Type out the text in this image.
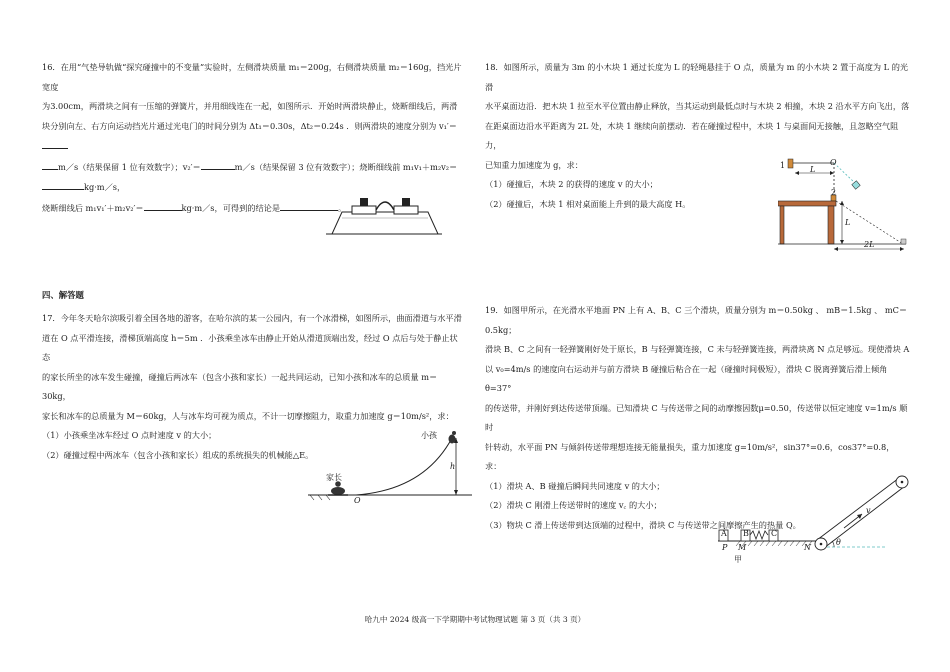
16．在用“气垫导轨做“探究碰撞中的不变量”实验时，左侧滑块质量 m₁＝200g，右侧滑块质量 m₂＝160g，挡光片宽度

为3.00cm，两滑块之间有一压缩的弹簧片，并用细线连在一起，如图所示．开始时两滑块静止，烧断细线后，两滑

块分别向左、右方向运动挡光片通过光电门的时间分别为 Δt₁＝0.30s，Δt₂＝0.24s ．则两滑块的速度分别为 v₁′＝

m／s（结果保留 1 位有效数字）；v₂′＝	m／s（结果保留 3 位有效数字）；烧断细线前 m₁v₁＋m₂v₂＝kg·m／s，

烧断细线后 m₁v₁′＋m₂v₂′＝	kg·m／s，可得到的结论是	。

四、解答题

17．今年冬天哈尔滨吸引着全国各地的游客，在哈尔滨的某一公园内，有一个冰滑梯，如图所示，曲面滑道与水平滑

道在 O 点平滑连接，滑梯顶端高度 h＝5m ．小孩乘坐冰车由静止开始从滑道顶端出发，经过 O 点后与处于静止状态

的家长所坐的冰车发生碰撞，碰撞后两冰车（包含小孩和家长）一起共同运动，已知小孩和冰车的总质量 m＝30kg，

家长和冰车的总质量为 M＝60kg，人与冰车均可视为质点，不计一切摩擦阻力，取重力加速度 g＝10m/s²，求：

（1）小孩乘坐冰车经过 O 点时速度 v 的大小；

（2）碰撞过程中两冰车（包含小孩和家长）组成的系统损失的机械能△E。

小孩
家长
h
O

18．如图所示，质量为 3m 的小木块 1 通过长度为 L 的轻绳悬挂于 O 点，质量为 m 的小木块 2 置于高度为 L 的光滑

水平桌面边沿．把木块 1 拉至水平位置由静止释放，当其运动到最低点时与木块 2 相撞，木块 2 沿水平方向飞出，落

在距桌面边沿水平距离为 2L 处，木块 1 继续向前摆动．若在碰撞过程中，木块 1 与桌面间无接触，且忽略空气阻力，

已知重力加速度为 g，求：

（1）碰撞后，木块 2 的获得的速度 v 的大小；

（2）碰撞后，木块 1 相对桌面能上升到的最大高度 H。

1	O
L
2
L
2L

19．如图甲所示，在光滑水平地面 PN 上有 A、B、C 三个滑块，质量分别为 m＝0.50kg 、 mB＝1.5kg 、 mC＝0.5kg；

滑块 B、C 之间有一轻弹簧刚好处于原长，B 与轻弹簧连接，C 未与轻弹簧连接，两滑块离 N 点足够远。现使滑块 A

以 v₀=4m/s 的速度向右运动并与前方滑块 B 碰撞后粘合在一起（碰撞时间极短），滑块 C 脱离弹簧后滑上倾角θ=37°

的传送带，并刚好到达传送带顶端。已知滑块 C 与传送带之间的动摩擦因数μ=0.50，传送带以恒定速度 v=1m/s 顺时

针转动，水平面 PN 与倾斜传送带理想连接无能量损失，重力加速度 g=10m/s²，sin37°=0.6，cos37°=0.8，求：

（1）滑块 A、B 碰撞后瞬间共同速度 v 的大小；

（2）滑块 C 刚滑上传送带时的速度 v꜀ 的大小；

（3）物块 C 滑上传送带到达顶端的过程中，滑块 C 与传送带之间摩擦产生的热量 Q。

A B	C
P M	N
v
θ
甲
哈九中 2024 级高一下学期期中考试物理试题 第 3 页（共 3 页）
